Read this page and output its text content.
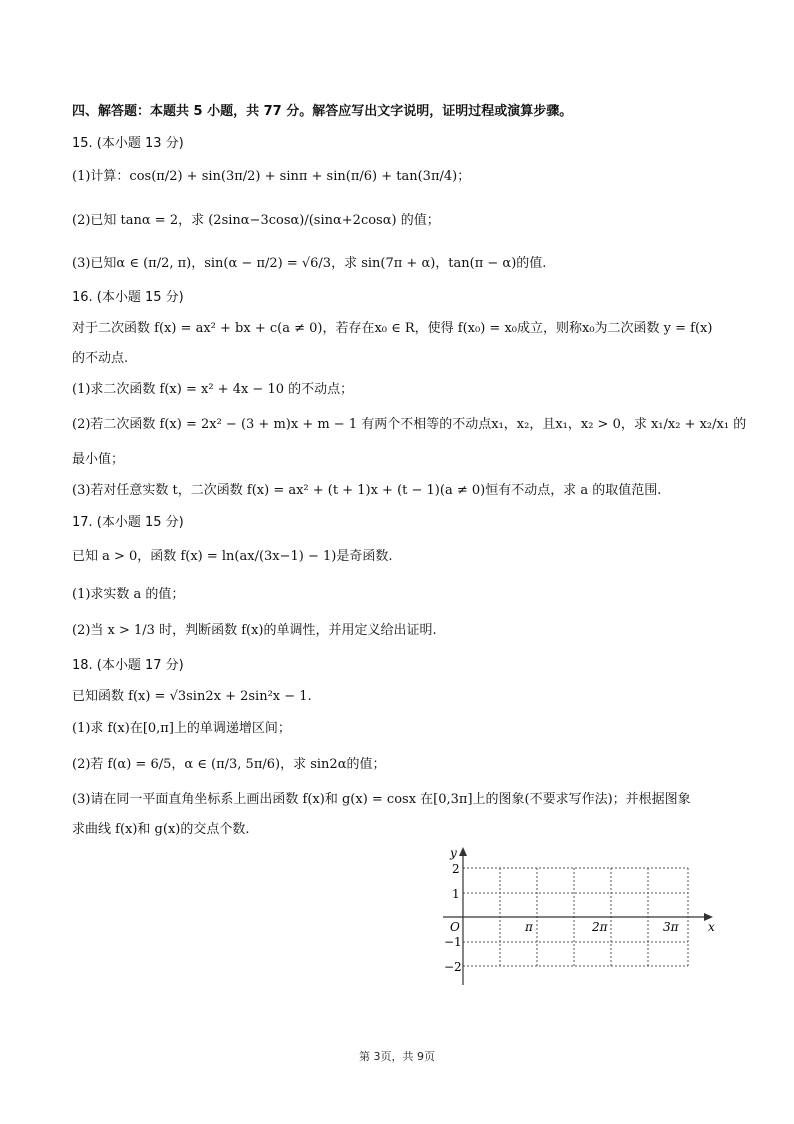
四、解答题：本题共 5 小题，共 77 分。解答应写出文字说明，证明过程或演算步骤。
15. (本小题 13 分)
(1)计算：cos(π/2) + sin(3π/2) + sinπ + sin(π/6) + tan(3π/4)；
(2)已知 tanα = 2，求 (2sinα−3cosα)/(sinα+2cosα) 的值；
(3)已知α ∈ (π/2, π)，sin(α − π/2) = √6/3，求 sin(7π + α)，tan(π − α)的值.
16. (本小题 15 分)
对于二次函数 f(x) = ax² + bx + c(a ≠ 0)，若存在x₀ ∈ R，使得 f(x₀) = x₀成立，则称x₀为二次函数 y = f(x)
的不动点.
(1)求二次函数 f(x) = x² + 4x − 10 的不动点；
(2)若二次函数 f(x) = 2x² − (3 + m)x + m − 1 有两个不相等的不动点x₁，x₂，且x₁，x₂ > 0，求 x₁/x₂ + x₂/x₁ 的
最小值；
(3)若对任意实数 t，二次函数 f(x) = ax² + (t + 1)x + (t − 1)(a ≠ 0)恒有不动点，求 a 的取值范围.
17. (本小题 15 分)
已知 a > 0，函数 f(x) = ln(ax/(3x−1) − 1)是奇函数.
(1)求实数 a 的值；
(2)当 x > 1/3 时，判断函数 f(x)的单调性，并用定义给出证明.
18. (本小题 17 分)
已知函数 f(x) = √3sin2x + 2sin²x − 1.
(1)求 f(x)在[0,π]上的单调递增区间；
(2)若 f(α) = 6/5，α ∈ (π/3, 5π/6)，求 sin2α的值；
(3)请在同一平面直角坐标系上画出函数 f(x)和 g(x) = cosx 在[0,3π]上的图象(不要求写作法)；并根据图象
求曲线 f(x)和 g(x)的交点个数.
y
x
O
2
1
−1
−2
π	2π	3π
第 3页，共 9页
